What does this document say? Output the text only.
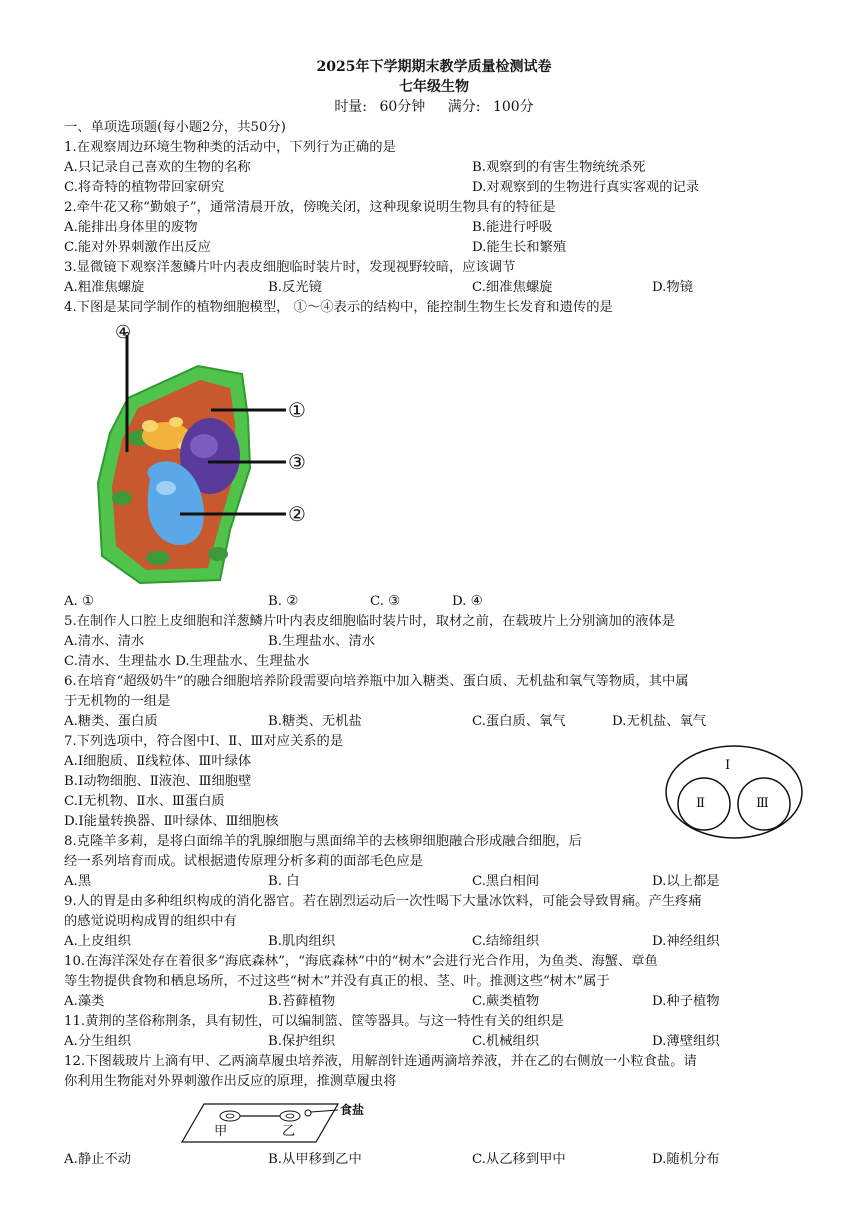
2025年下学期期末教学质量检测试卷
七年级生物
时量: 60分钟 满分: 100分
一、单项选项题(每小题2分，共50分)
1.在观察周边环境生物种类的活动中，下列行为正确的是
A.只记录自己喜欢的生物的名称	B.观察到的有害生物统统杀死
C.将奇特的植物带回家研究	D.对观察到的生物进行真实客观的记录
2.牵牛花又称“勤娘子”，通常清晨开放，傍晚关闭，这种现象说明生物具有的特征是
A.能排出身体里的废物	B.能进行呼吸
C.能对外界刺激作出反应	D.能生长和繁殖
3.显微镜下观察洋葱鳞片叶内表皮细胞临时装片时，发现视野较暗，应该调节
A.粗准焦螺旋	B.反光镜	C.细准焦螺旋	D.物镜
4.下图是某同学制作的植物细胞模型， ①～④表示的结构中，能控制生物生长发育和遗传的是
④
①
③
②
A. ①	B. ②	C. ③	D. ④
5.在制作人口腔上皮细胞和洋葱鳞片叶内表皮细胞临时装片时，取材之前，在载玻片上分别滴加的液体是
A.清水、清水	B.生理盐水、清水
C.清水、生理盐水 D.生理盐水、生理盐水
6.在培育“超级奶牛”的融合细胞培养阶段需要向培养瓶中加入糖类、蛋白质、无机盐和氧气等物质，其中属
于无机物的一组是
A.糖类、蛋白质	B.糖类、无机盐	C.蛋白质、氧气	D.无机盐、氧气
7.下列选项中，符合图中Ⅰ、Ⅱ、Ⅲ对应关系的是
A.Ⅰ细胞质、Ⅱ线粒体、Ⅲ叶绿体
B.Ⅰ动物细胞、Ⅱ液泡、Ⅲ细胞壁
C.Ⅰ无机物、Ⅱ水、Ⅲ蛋白质
D.Ⅰ能量转换器、Ⅱ叶绿体、Ⅲ细胞核
Ⅰ
Ⅱ	Ⅲ
8.克隆羊多莉，是将白面绵羊的乳腺细胞与黑面绵羊的去核卵细胞融合形成融合细胞，后
经一系列培育而成。试根据遗传原理分析多莉的面部毛色应是
A.黑	B. 白	C.黑白相间	D.以上都是
9.人的胃是由多种组织构成的消化器官。若在剧烈运动后一次性喝下大量冰饮料，可能会导致胃痛。产生疼痛
的感觉说明构成胃的组织中有
A.上皮组织	B.肌肉组织	C.结缔组织	D.神经组织
10.在海洋深处存在着很多“海底森林”，“海底森林”中的“树木”会进行光合作用，为鱼类、海蟹、章鱼
等生物提供食物和栖息场所，不过这些“树木”并没有真正的根、茎、叶。推测这些“树木”属于
A.藻类	B.苔藓植物	C.蕨类植物	D.种子植物
11.黄荆的茎俗称荆条，具有韧性，可以编制篮、筐等器具。与这一特性有关的组织是
A.分生组织	B.保护组织	C.机械组织	D.薄壁组织
12.下图载玻片上滴有甲、乙两滴草履虫培养液，用解剖针连通两滴培养液，并在乙的右侧放一小粒食盐。请
你利用生物能对外界刺激作出反应的原理，推测草履虫将
食盐
甲	乙
A.静止不动	B.从甲移到乙中	C.从乙移到甲中	D.随机分布
